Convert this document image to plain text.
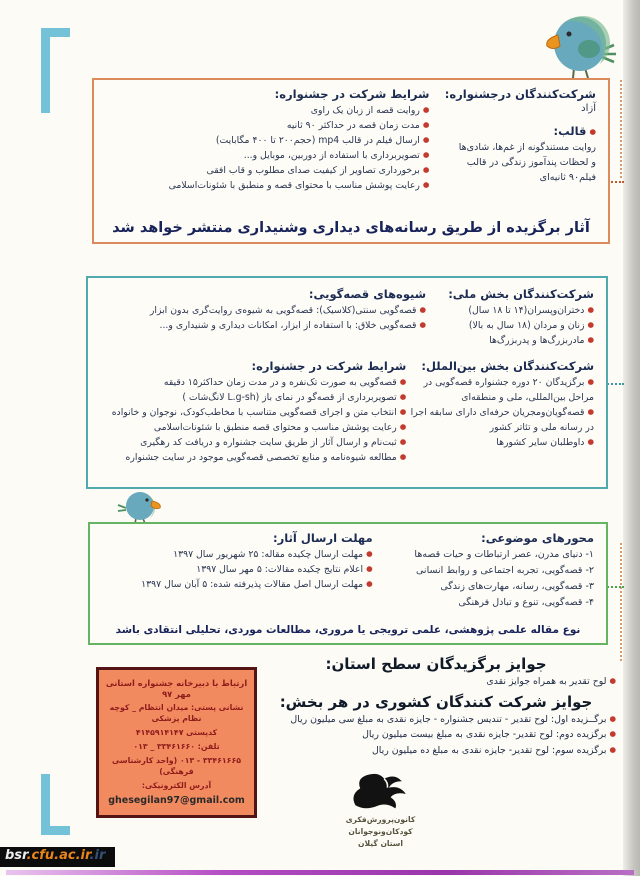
شرکت‌کنندگان درجشنواره:
آزاد
● قالب:
روایت مستندگونه از غم‌ها، شادی‌ها
و لحظات پندآموز زندگی در قالب
فیلم۹۰ ثانیه‌ای
شرایط شرکت در جشنواره:
● روایت قصه از زبان یک راوی
● مدت زمان قصه در حداکثر ۹۰ ثانیه
● ارسال فیلم در قالب mp4 (حجم۲۰۰ تا ۴۰۰ مگابایت)
● تصویربرداری با استفاده از دوربین، موبایل و...
● برخورداری تصاویر از کیفیت صدای مطلوب و قاب افقی
● رعایت پوشش مناسب با محتوای قصه و منطبق با شئونات‌اسلامی
آثار برگزیده از طریق رسانه‌های دیداری وشنیداری منتشر خواهد شد
شرکت‌کنندگان بخش ملی:
● دختران‌وپسران(۱۴ تا ۱۸ سال)
● زنان و مردان (۱۸ سال به بالا)
● مادربزرگ‌ها و پدربزرگ‌ها
شیوه‌های قصه‌گویی:
● قصه‌گویی سنتی(کلاسیک): قصه‌گویی به شیوه‌ی روایت‌گری بدون ابزار
● قصه‌گویی خلاق: با استفاده از ابزار، امکانات دیداری و شنیداری و...
شرکت‌کنندگان بخش بین‌الملل:
● برگزیدگان ۲۰ دوره جشنواره قصه‌گویی در مراحل بین‌المللی، ملی و منطقه‌ای
● قصه‌گویان‌ومجریان حرفه‌ای دارای سابقه اجرا در رسانه ملی و تئاتر کشور
● داوطلبان سایر کشورها
شرایط شرکت در جشنواره:
● قصه‌گویی به صورت تک‌نفره و در مدت زمان حداکثر۱۵ دقیقه
● تصویربرداری از قصه‌گو در نمای باز (L.g-sh لانگ‌شات )
● انتخاب متن و اجرای قصه‌گویی متناسب با مخاطب‌کودک، نوجوان و خانواده
● رعایت پوشش مناسب و محتوای قصه منطبق با شئونات‌اسلامی
● ثبت‌نام و ارسال آثار از طریق سایت جشنواره و دریافت کد رهگیری
● مطالعه شیوه‌نامه و منابع تخصصی قصه‌گویی موجود در سایت جشنواره
محورهای موضوعی:
۱- دنیای مدرن، عصر ارتباطات و حیات قصه‌ها
۲- قصه‌گویی، تجربه اجتماعی و روابط انسانی
۳- قصه‌گویی، رسانه، مهارت‌های زندگی
۴- قصه‌گویی، تنوع و تبادل فرهنگی
مهلت ارسال آثار:
● مهلت ارسال چکیده مقاله: ۲۵ شهریور سال ۱۳۹۷
● اعلام نتایج چکیده مقالات: ۵ مهر سال ۱۳۹۷
● مهلت ارسال اصل مقالات پذیرفته شده: ۵ آبان سال ۱۳۹۷
نوع مقاله علمی پژوهشی، علمی ترویجی یا مروری، مطالعات موردی، تحلیلی انتقادی باشد
جوایز برگزیدگان سطح استان:
● لوح تقدیر به همراه جوایز نقدی
جوایز شرکت کنندگان کشوری در هر بخش:
● برگــزیده اول: لوح تقدیر - تندیس جشنواره - جایزه نقدی به مبلغ سی میلیون ریال
● برگزیده دوم: لوح تقدیر- جایزه نقدی به مبلغ بیست میلیون ریال
● برگزیده سوم: لوح تقدیر- جایزه نقدی به مبلغ ده میلیون ریال
ارتباط با دبیرخانه جشنواره استانی مهر ۹۷
نشانی پستی: میدان انتظام _ کوچه نظام پزشکی
کدپستی ۴۱۴۵۹۱۴۱۴۷
تلفن: ۳۳۴۶۱۶۶۰ _ ۰۱۳
۳۳۴۶۱۶۶۵ - ۰۱۳ (واحد کارشناسی فرهنگی)
آدرس الکترونیکی:
ghesegilan97@gmail.com
کانون‌پرورش‌فکری
کودکان‌ونوجوانان
استان گیلان
bsr.cfu.ac.ir.ir
